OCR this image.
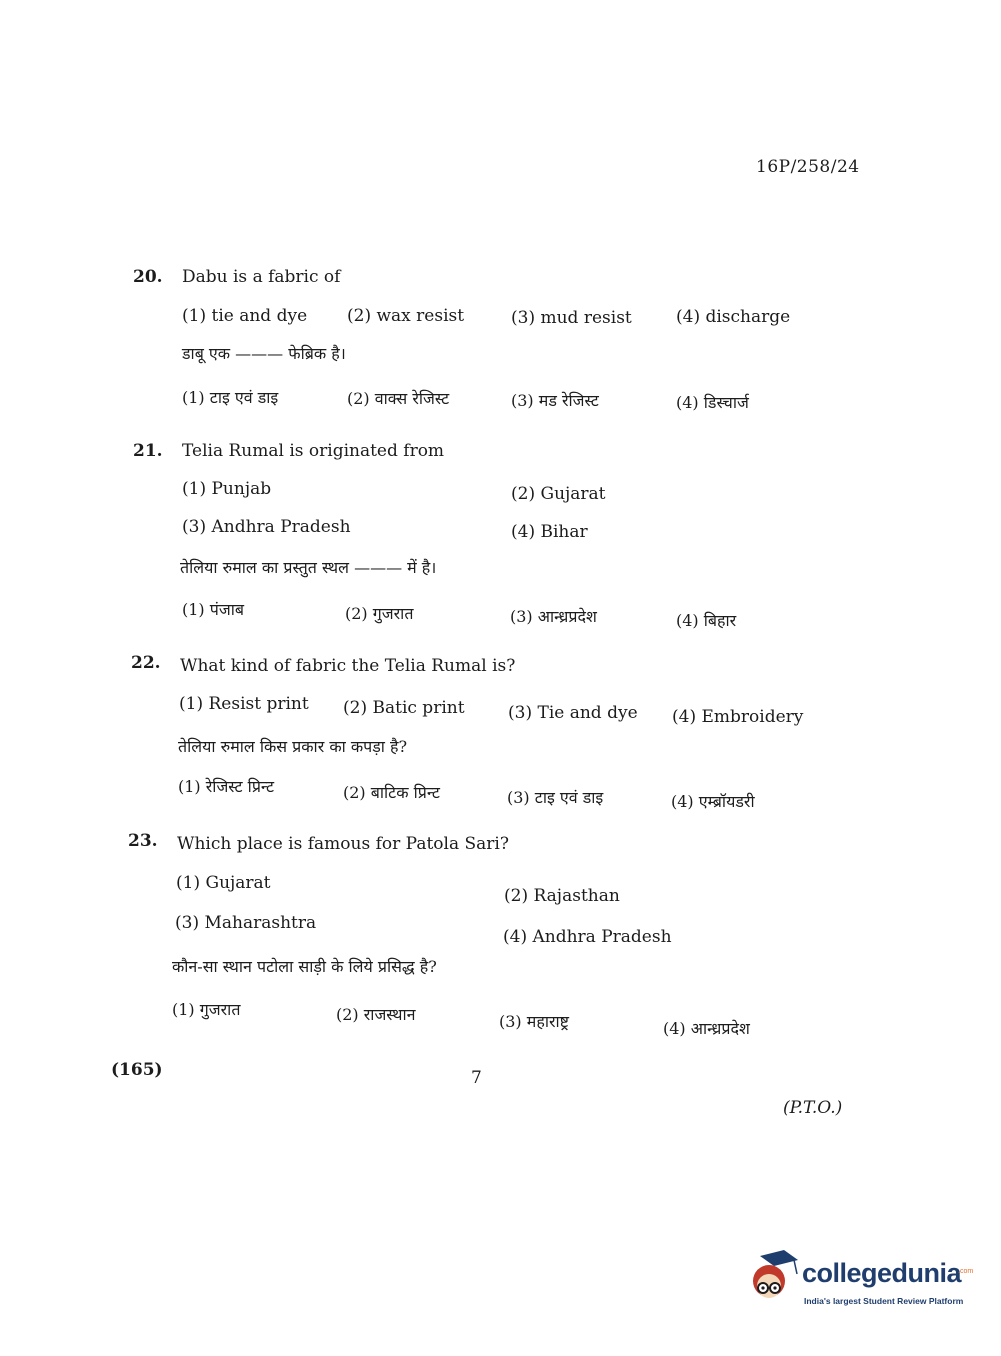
16P/258/24
20. Dabu is a fabric of
(1) tie and dye (2) wax resist	(3) mud resist	(4) discharge
डाबू एक ——— फेब्रिक है।
(1) टाइ एवं डाइ	(2) वाक्स रेजिस्ट	(3) मड रेजिस्ट	(4) डिस्चार्ज
21. Telia Rumal is originated from
(1) Punjab	(2) Gujarat
(3) Andhra Pradesh	(4) Bihar
तेलिया रुमाल का प्रस्तुत स्थल ——— में है।
(1) पंजाब	(2) गुजरात	(3) आन्ध्रप्रदेश	(4) बिहार
22. What kind of fabric the Telia Rumal is?
(1) Resist print (2) Batic print	(3) Tie and dye (4) Embroidery
तेलिया रुमाल किस प्रकार का कपड़ा है?
(1) रेजिस्ट प्रिन्ट	(2) बाटिक प्रिन्ट	(3) टाइ एवं डाइ	(4) एम्ब्रॉयडरी
23. Which place is famous for Patola Sari?
(1) Gujarat
(2) Rajasthan
(3) Maharashtra
(4) Andhra Pradesh
कौन-सा स्थान पटोला साड़ी के लिये प्रसिद्ध है?
(1) गुजरात	(2) राजस्थान	(3) महाराष्ट्र	(4) आन्ध्रप्रदेश
(165)	7
(P.T.O.)
collegedunia
.com
India's largest Student Review Platform
